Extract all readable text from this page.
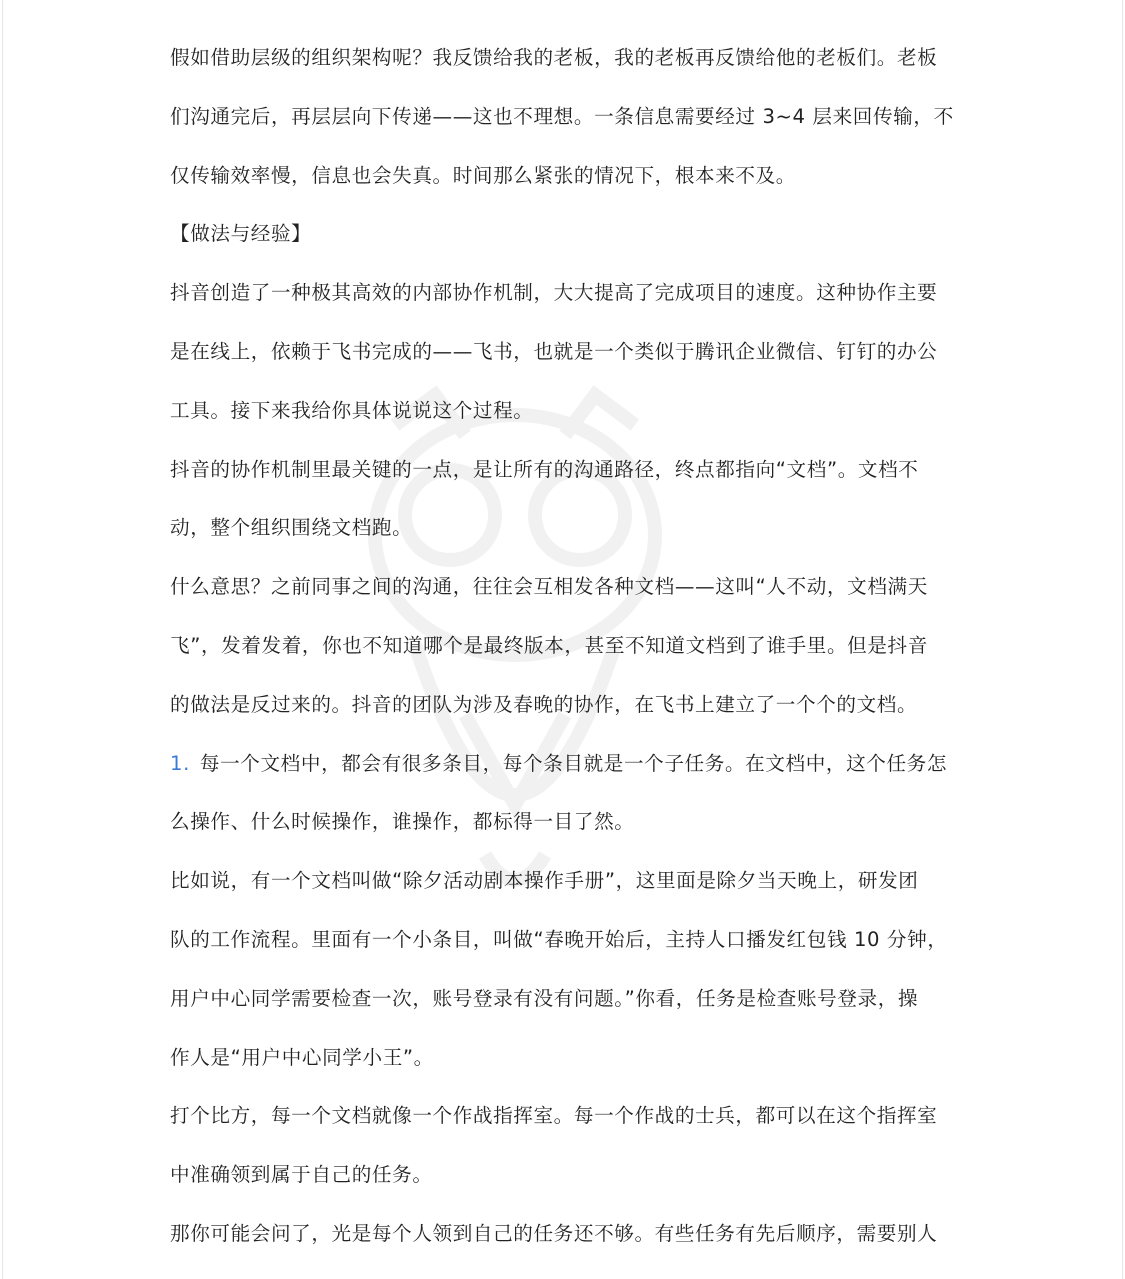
假如借助层级的组织架构呢？我反馈给我的老板，我的老板再反馈给他的老板们。老板
们沟通完后，再层层向下传递——这也不理想。一条信息需要经过 3~4 层来回传输，不
仅传输效率慢，信息也会失真。时间那么紧张的情况下，根本来不及。
【做法与经验】
抖音创造了一种极其高效的内部协作机制，大大提高了完成项目的速度。这种协作主要
是在线上，依赖于飞书完成的——飞书，也就是一个类似于腾讯企业微信、钉钉的办公
工具。接下来我给你具体说说这个过程。
抖音的协作机制里最关键的一点，是让所有的沟通路径，终点都指向“文档”。文档不
动，整个组织围绕文档跑。
什么意思？之前同事之间的沟通，往往会互相发各种文档——这叫“人不动，文档满天
飞”，发着发着，你也不知道哪个是最终版本，甚至不知道文档到了谁手里。但是抖音
的做法是反过来的。抖音的团队为涉及春晚的协作，在飞书上建立了一个个的文档。
1. 每一个文档中，都会有很多条目，每个条目就是一个子任务。在文档中，这个任务怎
么操作、什么时候操作，谁操作，都标得一目了然。
比如说，有一个文档叫做“除夕活动剧本操作手册”，这里面是除夕当天晚上，研发团
队的工作流程。里面有一个小条目，叫做“春晚开始后，主持人口播发红包钱 10 分钟，
用户中心同学需要检查一次，账号登录有没有问题。”你看，任务是检查账号登录，操
作人是“用户中心同学小王”。
打个比方，每一个文档就像一个作战指挥室。每一个作战的士兵，都可以在这个指挥室
中准确领到属于自己的任务。
那你可能会问了，光是每个人领到自己的任务还不够。有些任务有先后顺序，需要别人
